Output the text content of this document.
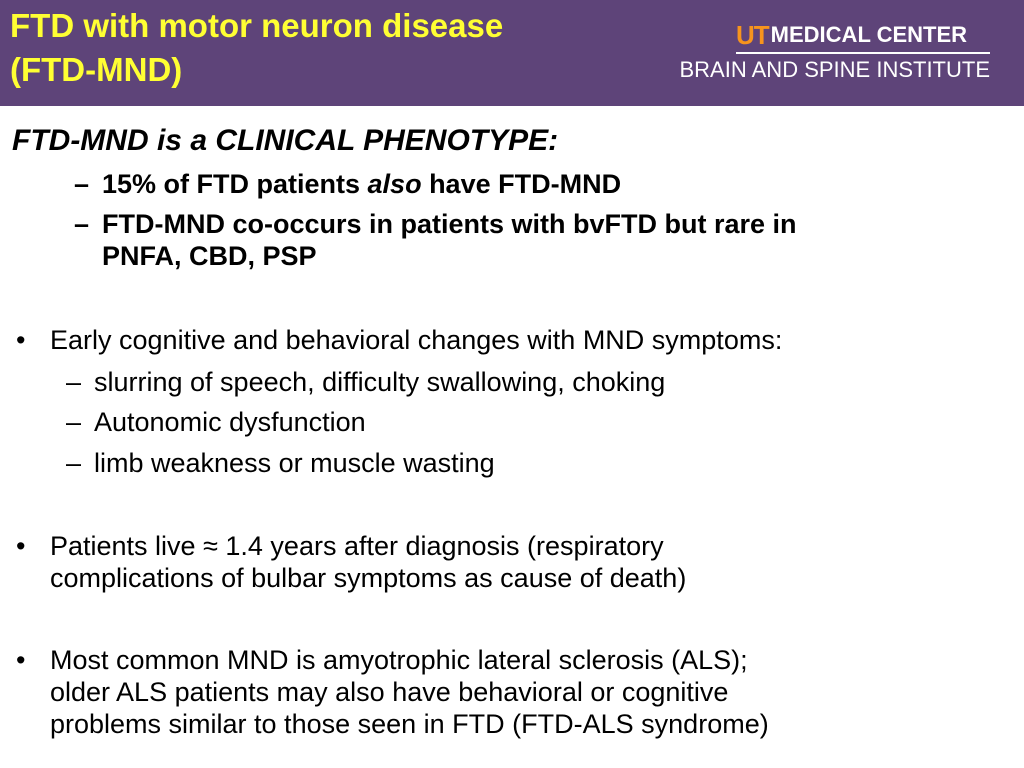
FTD with motor neuron disease
(FTD-MND)
UT MEDICAL CENTER
BRAIN AND SPINE INSTITUTE
FTD-MND is a CLINICAL PHENOTYPE:
– 15% of FTD patients also have FTD-MND
– FTD-MND co-occurs in patients with bvFTD but rare in
PNFA, CBD, PSP
• Early cognitive and behavioral changes with MND symptoms:
– slurring of speech, difficulty swallowing, choking
– Autonomic dysfunction
– limb weakness or muscle wasting
• Patients live ≈ 1.4 years after diagnosis (respiratory
complications of bulbar symptoms as cause of death)
• Most common MND is amyotrophic lateral sclerosis (ALS);
older ALS patients may also have behavioral or cognitive
problems similar to those seen in FTD (FTD-ALS syndrome)
